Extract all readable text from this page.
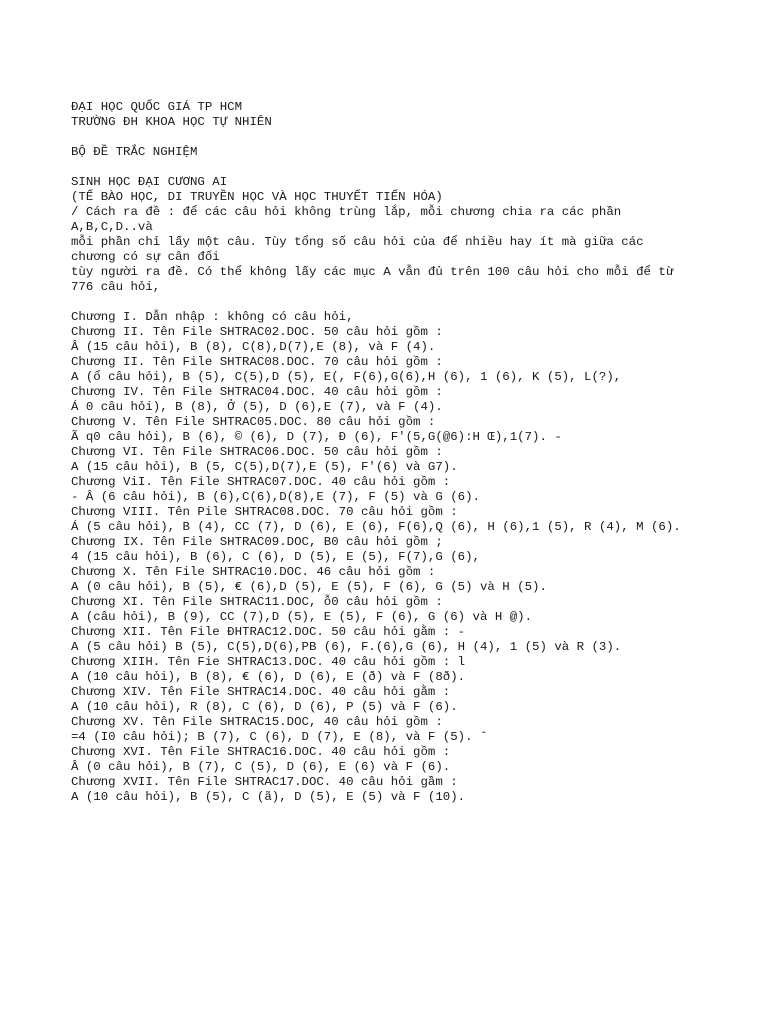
ĐẠI HỌC QUỐC GIÁ TP HCM
TRƯỜNG ĐH KHOA HỌC TỰ NHIÊN
BỘ ĐỀ TRẮC NGHIỆM
SINH HỌC ĐẠI CƯƠNG AI
(TẾ BÀO HỌC, DI TRUYỀN HỌC VÀ HỌC THUYẾT TIẾN HÓA)
/ Cách ra đề : để các câu hỏi không trùng lắp, mỗi chương chia ra các phần
A,B,C,D..và
mỗi phần chỉ lấy một câu. Tùy tổng số câu hỏi của để nhiều hay ít mà giữa các
chương có sự cân đối
tùy người ra đề. Có thể không lấy các mục A vẫn đủ trên 100 câu hỏi cho mỗi để từ
776 câu hỏi,
Chương I. Dẫn nhập : không có câu hỏi,
Chương II. Tên File SHTRAC02.DOC. 50 câu hỏi gồm :
Â (15 câu hỏi), B (8), C(8),D(7),E (8), và F (4).
Chương II. Tên File SHTRAC08.DOC. 70 câu hỏi gồm :
A (ổ câu hỏi), B (5), C(5),D (5), E(, F(6),G(6),H (6), 1 (6), K (5), L(?),
Chương IV. Tên File SHTRAC04.DOC. 40 câu hỏi gồm :
Á 0 câu hỏi), B (8), Ở (5), D (6),E (7), và F (4).
Chương V. Tên File SHTRAC05.DOC. 80 câu hỏi gồm :
Ã q0 câu hỏi), B (6), © (6), D (7), Đ (6), F'(5,G(@6):H Œ),1(7). -
Chương VI. Tên File SHTRAC06.DOC. 50 câu hỏi gồm :
A (15 câu hỏi), B (5, C(5),D(7),E (5), F'(6) và G7).
Chương ViI. Tên File SHTRAC07.DOC. 40 câu hỏi gồm :
- Â (6 câu hỏi), B (6),C(6),D(8),E (7), F (5) và G (6).
Chương VIII. Tên Pile SHTRAC08.DOC. 70 câu hỏi gồm :
Á (5 câu hỏi), B (4), CC (7), D (6), E (6), F(6),Q (6), H (6),1 (5), R (4), M (6).
Chương IX. Tên File SHTRAC09.DOC, B0 câu hỏi gồm ;
4 (15 câu hỏi), B (6), C (6), D (5), E (5), F(7),G (6),
Chương X. Tên File SHTRAC10.DOC. 46 câu hỏi gồm :
A (0 câu hỏi), B (5), € (6),D (5), E (5), F (6), G (5) và H (5).
Chương XI. Tên File SHTRAC11.DOC, ỗ0 câu hỏi gồm :
A (câu hỏi), B (9), CC (7),D (5), E (5), F (6), G (6) và H @).
Chương XII. Tên File ĐHTRAC12.DOC. 50 câu hỏi gằm : -
A (5 câu hỏi) B (5), C(5),D(6),PB (6), F.(6),G (6), H (4), 1 (5) và R (3).
Chương XIIH. Tên Fie SHTRAC13.DOC. 40 câu hỏi gồm : l
A (10 câu hỏi), B (8), € (6), D (6), E (ð) và F (8ð).
Chương XIV. Tên File SHTRAC14.DOC. 40 câu hỏi gằm :
A (10 câu hỏi), R (8), C (6), D (6), P (5) và F (6).
Chương XV. Tên File SHTRAC15.DOC, 40 câu hỏi gồm :
=4 (I0 câu hỏi); B (7), C (6), D (7), E (8), và F (5). ˆ
Chương XVI. Tên File SHTRAC16.DOC. 40 câu hỏi gồm :
Â (0 câu hỏi), B (7), C (5), D (6), E (6) và F (6).
Chương XVII. Tên File SHTRAC17.DOC. 40 câu hỏi gầm :
A (10 câu hỏi), B (5), C (ã), D (5), E (5) và F (10).
